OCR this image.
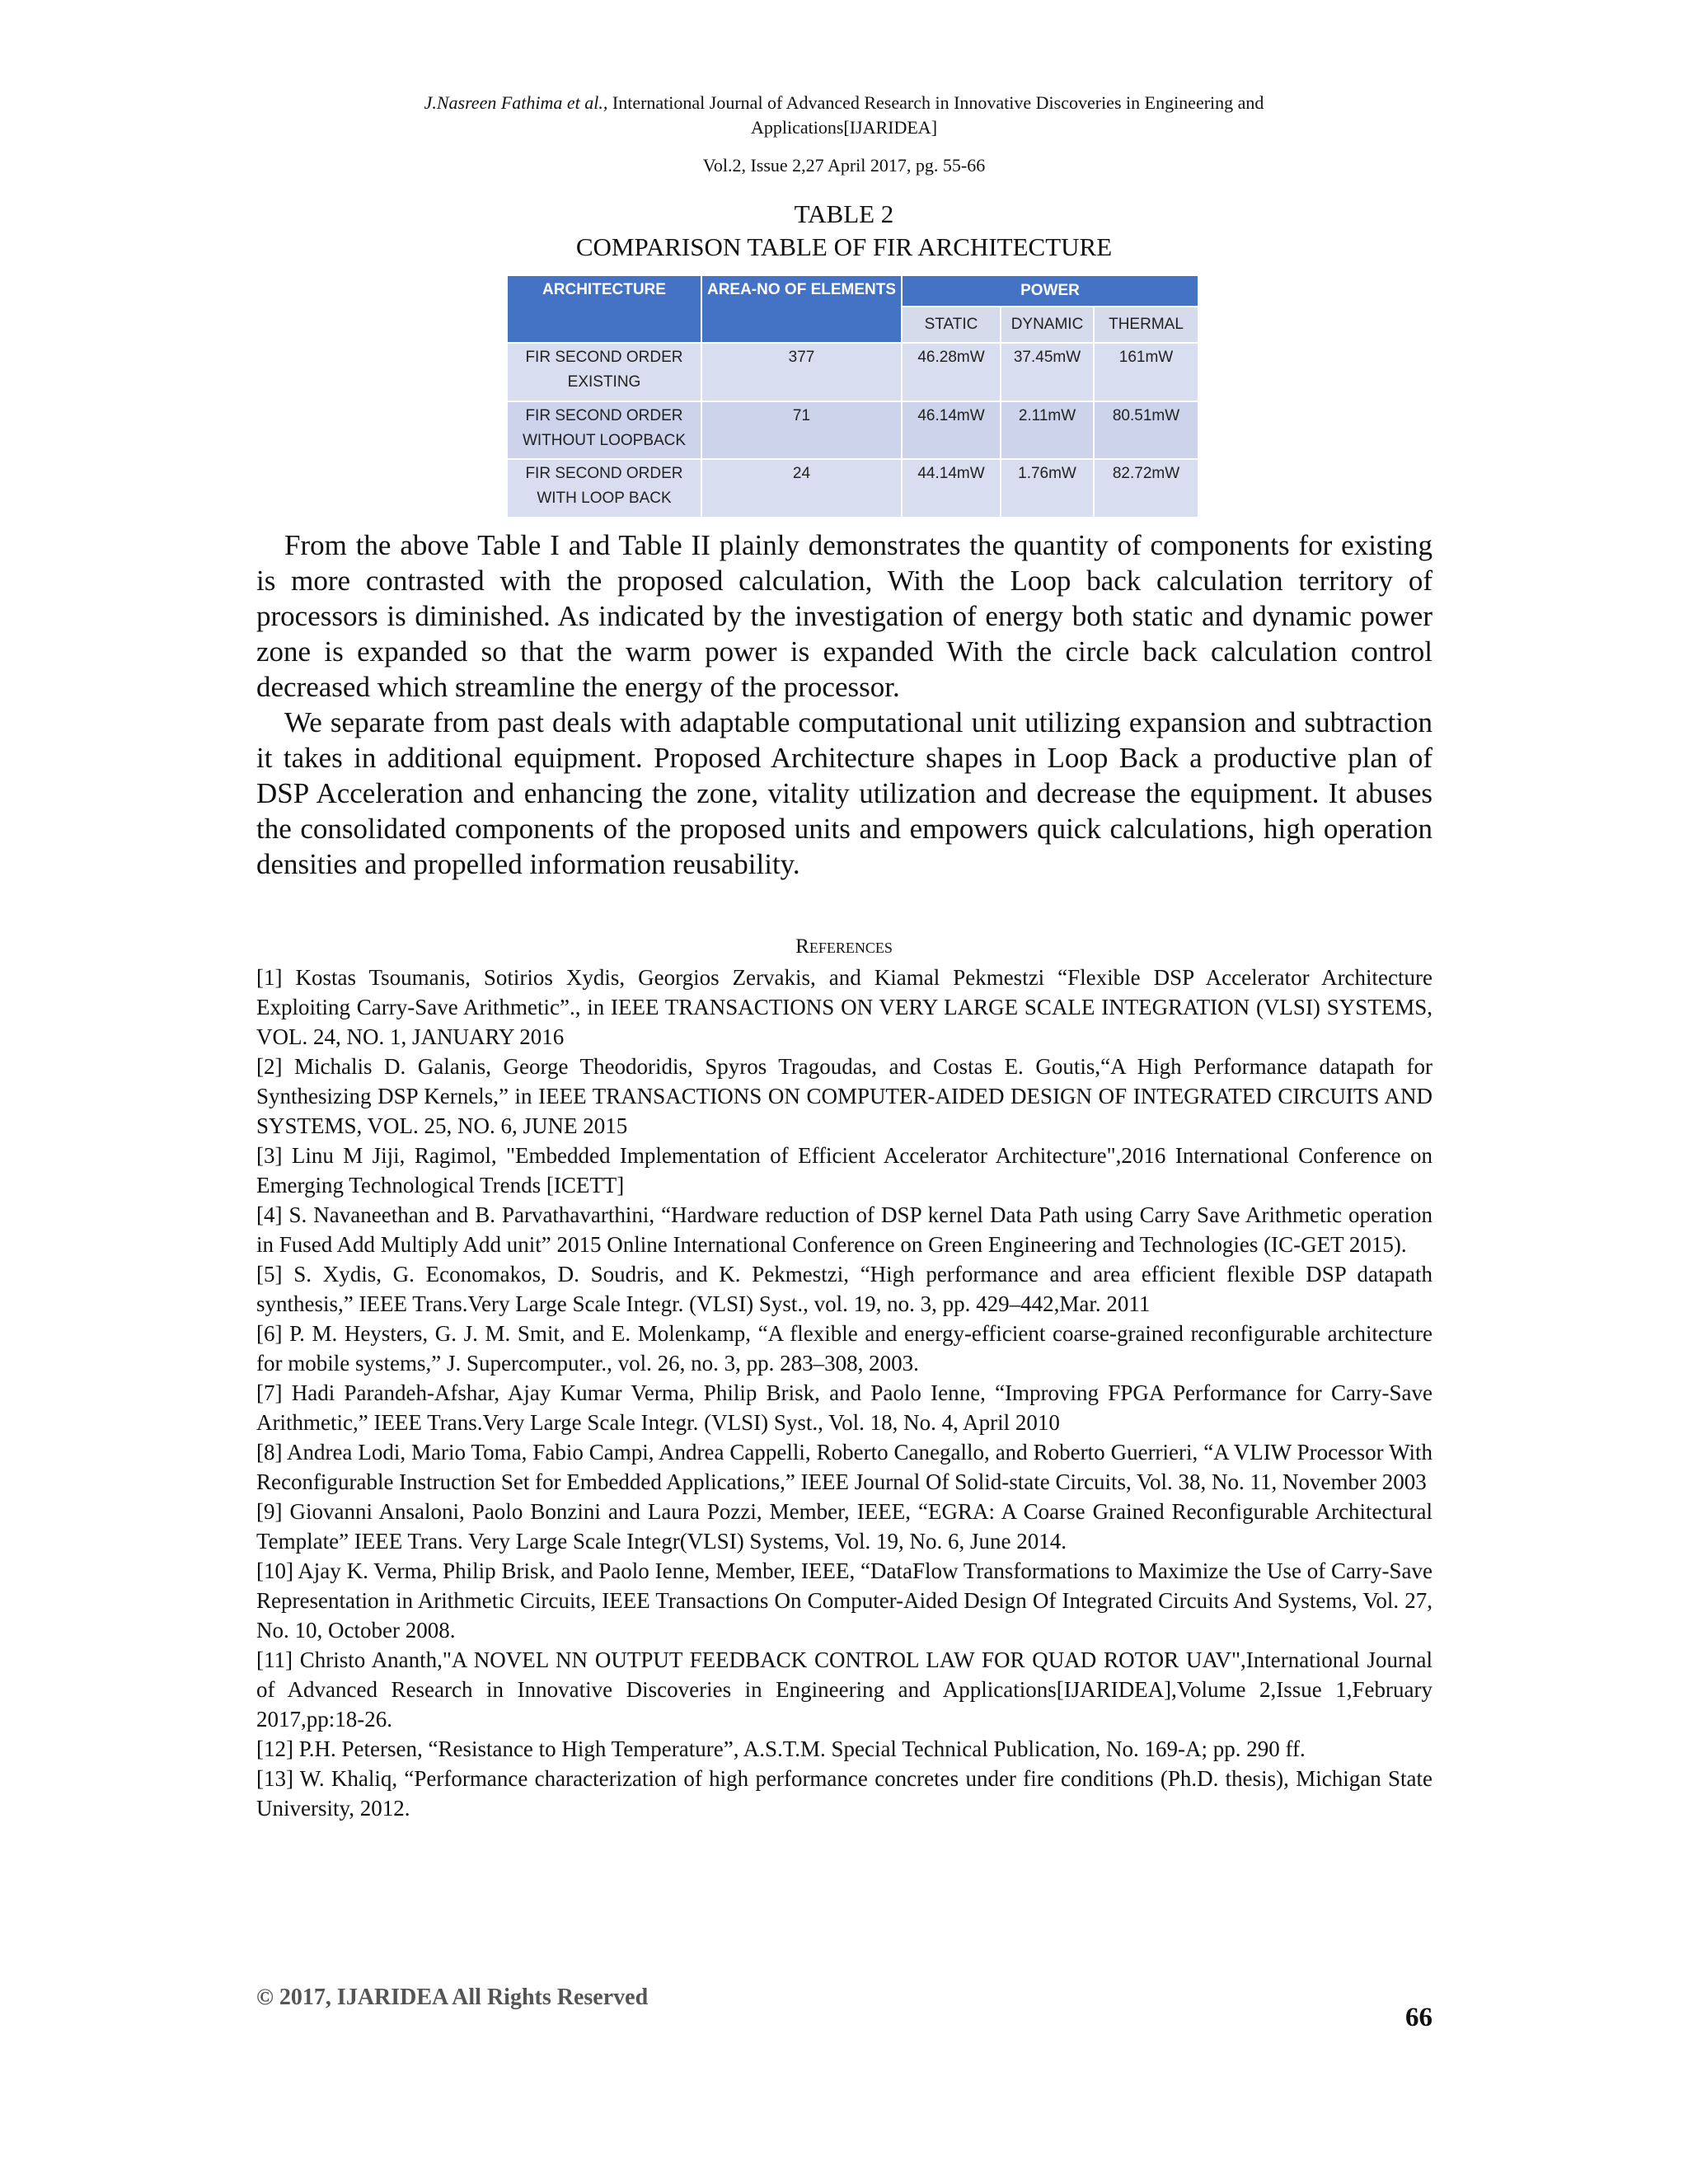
J.Nasreen Fathima et al., International Journal of Advanced Research in Innovative Discoveries in Engineering and
Applications[IJARIDEA]
Vol.2, Issue 2,27 April 2017, pg. 55-66
TABLE 2
COMPARISON TABLE OF FIR ARCHITECTURE
ARCHITECTURE	AREA-NO OF ELEMENTS	POWER		
		STATIC	DYNAMIC	THERMAL
FIR SECOND ORDER EXISTING	377	46.28mW	37.45mW	161mW
FIR SECOND ORDER WITHOUT LOOPBACK	71	46.14mW	2.11mW	80.51mW
FIR SECOND ORDER WITH LOOP BACK	24	44.14mW	1.76mW	82.72mW

From the above Table I and Table II plainly demonstrates the quantity of components for existing is more contrasted with the proposed calculation, With the Loop back calculation territory of processors is diminished. As indicated by the investigation of energy both static and dynamic power zone is expanded so that the warm power is expanded With the circle back calculation control decreased which streamline the energy of the processor.

We separate from past deals with adaptable computational unit utilizing expansion and subtraction it takes in additional equipment. Proposed Architecture shapes in Loop Back a productive plan of DSP Acceleration and enhancing the zone, vitality utilization and decrease the equipment. It abuses the consolidated components of the proposed units and empowers quick calculations, high operation densities and propelled information reusability.

References

[1] Kostas Tsoumanis, Sotirios Xydis, Georgios Zervakis, and Kiamal Pekmestzi “Flexible DSP Accelerator Architecture Exploiting Carry-Save Arithmetic”., in IEEE TRANSACTIONS ON VERY LARGE SCALE INTEGRATION (VLSI) SYSTEMS, VOL. 24, NO. 1, JANUARY 2016

[2] Michalis D. Galanis, George Theodoridis, Spyros Tragoudas, and Costas E. Goutis,“A High Performance datapath for Synthesizing DSP Kernels,” in IEEE TRANSACTIONS ON COMPUTER-AIDED DESIGN OF INTEGRATED CIRCUITS AND SYSTEMS, VOL. 25, NO. 6, JUNE 2015

[3] Linu M Jiji, Ragimol, "Embedded Implementation of Efficient Accelerator Architecture",2016 International Conference on Emerging Technological Trends [ICETT]

[4] S. Navaneethan and B. Parvathavarthini, “Hardware reduction of DSP kernel Data Path using Carry Save Arithmetic operation in Fused Add Multiply Add unit” 2015 Online International Conference on Green Engineering and Technologies (IC-GET 2015).

[5] S. Xydis, G. Economakos, D. Soudris, and K. Pekmestzi, “High performance and area efficient flexible DSP datapath synthesis,” IEEE Trans.Very Large Scale Integr. (VLSI) Syst., vol. 19, no. 3, pp. 429–442,Mar. 2011

[6] P. M. Heysters, G. J. M. Smit, and E. Molenkamp, “A flexible and energy-efficient coarse-grained reconfigurable architecture for mobile systems,” J. Supercomputer., vol. 26, no. 3, pp. 283–308, 2003.

[7] Hadi Parandeh-Afshar, Ajay Kumar Verma, Philip Brisk, and Paolo Ienne, “Improving FPGA Performance for Carry-Save Arithmetic,” IEEE Trans.Very Large Scale Integr. (VLSI) Syst., Vol. 18, No. 4, April 2010

[8] Andrea Lodi, Mario Toma, Fabio Campi, Andrea Cappelli, Roberto Canegallo, and Roberto Guerrieri, “A VLIW Processor With Reconfigurable Instruction Set for Embedded Applications,” IEEE Journal Of Solid-state Circuits, Vol. 38, No. 11, November 2003

[9] Giovanni Ansaloni, Paolo Bonzini and Laura Pozzi, Member, IEEE, “EGRA: A Coarse Grained Reconfigurable Architectural Template” IEEE Trans. Very Large Scale Integr(VLSI) Systems, Vol. 19, No. 6, June 2014.

[10] Ajay K. Verma, Philip Brisk, and Paolo Ienne, Member, IEEE, “DataFlow Transformations to Maximize the Use of Carry-Save Representation in Arithmetic Circuits, IEEE Transactions On Computer-Aided Design Of Integrated Circuits And Systems, Vol. 27, No. 10, October 2008.

[11] Christo Ananth,"A NOVEL NN OUTPUT FEEDBACK CONTROL LAW FOR QUAD ROTOR UAV",International Journal of Advanced Research in Innovative Discoveries in Engineering and Applications[IJARIDEA],Volume 2,Issue 1,February 2017,pp:18-26.

[12] P.H. Petersen, “Resistance to High Temperature”, A.S.T.M. Special Technical Publication, No. 169-A; pp. 290 ff.

[13] W. Khaliq, “Performance characterization of high performance concretes under fire conditions (Ph.D. thesis), Michigan State University, 2012.

© 2017, IJARIDEA All Rights Reserved
66
